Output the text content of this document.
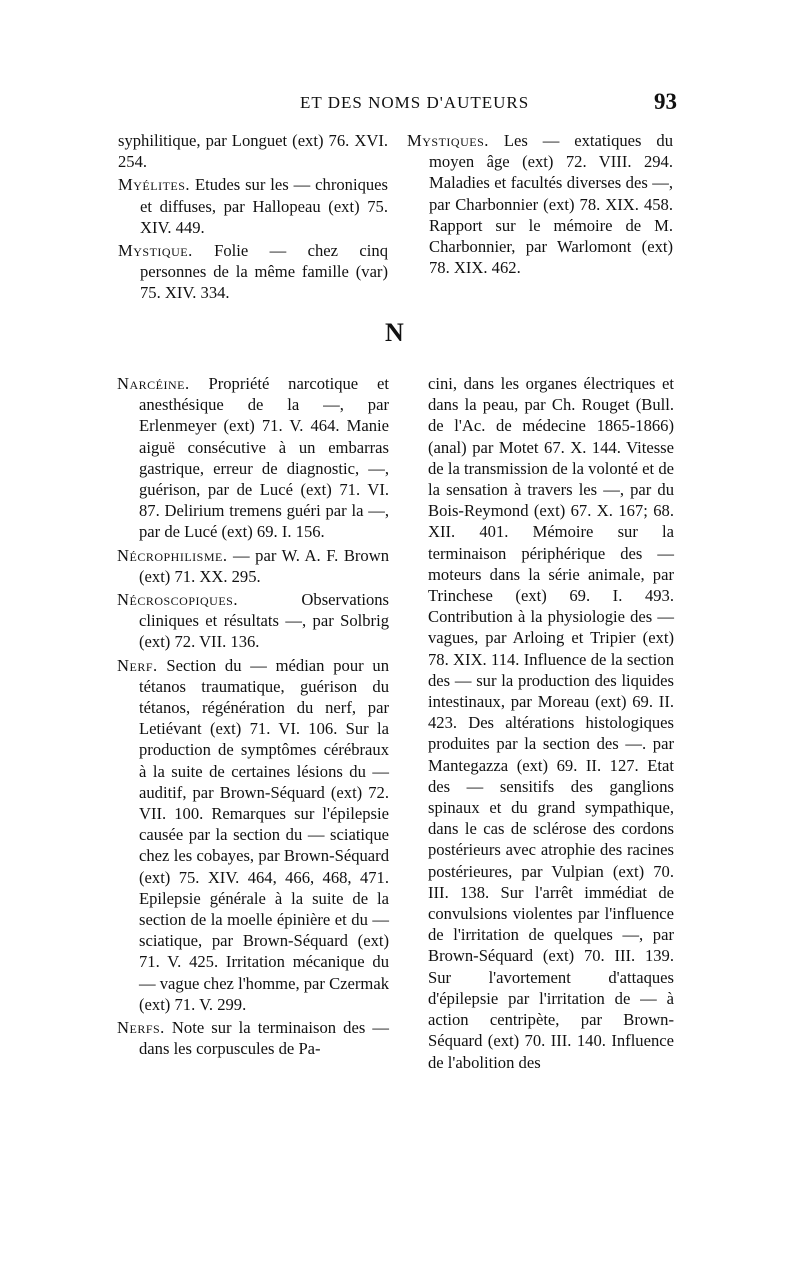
ET DES NOMS D'AUTEURS	93

syphilitique, par Longuet (ext) 76. XVI. 254.

Myélites. Etudes sur les — chroniques et diffuses, par Hallopeau (ext) 75. XIV. 449.

Mystique. Folie — chez cinq personnes de la même famille (var) 75. XIV. 334.

Mystiques. Les — extatiques du moyen âge (ext) 72. VIII. 294. Maladies et facultés diverses des —, par Charbonnier (ext) 78. XIX. 458. Rapport sur le mémoire de M. Charbonnier, par Warlomont (ext) 78. XIX. 462.

N

Narcéine. Propriété narcotique et anesthésique de la —, par Erlenmeyer (ext) 71. V. 464. Manie aiguë consécutive à un embarras gastrique, erreur de diagnostic, —, guérison, par de Lucé (ext) 71. VI. 87. Delirium tremens guéri par la —, par de Lucé (ext) 69. I. 156.

Nécrophilisme. — par W. A. F. Brown (ext) 71. XX. 295.

Nécroscopiques. Observations cliniques et résultats —, par Solbrig (ext) 72. VII. 136.

Nerf. Section du — médian pour un tétanos traumatique, guérison du tétanos, régénération du nerf, par Letiévant (ext) 71. VI. 106. Sur la production de symptômes cérébraux à la suite de certaines lésions du — auditif, par Brown-Séquard (ext) 72. VII. 100. Remarques sur l'épilepsie causée par la section du — sciatique chez les cobayes, par Brown-Séquard (ext) 75. XIV. 464, 466, 468, 471. Epilepsie générale à la suite de la section de la moelle épinière et du — sciatique, par Brown-Séquard (ext) 71. V. 425. Irritation mécanique du — vague chez l'homme, par Czermak (ext) 71. V. 299.

Nerfs. Note sur la terminaison des — dans les corpuscules de Pa-

cini, dans les organes électriques et dans la peau, par Ch. Rouget (Bull. de l'Ac. de médecine 1865-1866) (anal) par Motet 67. X. 144. Vitesse de la transmission de la volonté et de la sensation à travers les —, par du Bois-Reymond (ext) 67. X. 167; 68. XII. 401. Mémoire sur la terminaison périphérique des — moteurs dans la série animale, par Trinchese (ext) 69. I. 493. Contribution à la physiologie des — vagues, par Arloing et Tripier (ext) 78. XIX. 114. Influence de la section des — sur la production des liquides intestinaux, par Moreau (ext) 69. II. 423. Des altérations histologiques produites par la section des —. par Mantegazza (ext) 69. II. 127. Etat des — sensitifs des ganglions spinaux et du grand sympathique, dans le cas de sclérose des cordons postérieurs avec atrophie des racines postérieures, par Vulpian (ext) 70. III. 138. Sur l'arrêt immédiat de convulsions violentes par l'influence de l'irritation de quelques —, par Brown-Séquard (ext) 70. III. 139. Sur l'avortement d'attaques d'épilepsie par l'irritation de — à action centripète, par Brown-Séquard (ext) 70. III. 140. Influence de l'abolition des
